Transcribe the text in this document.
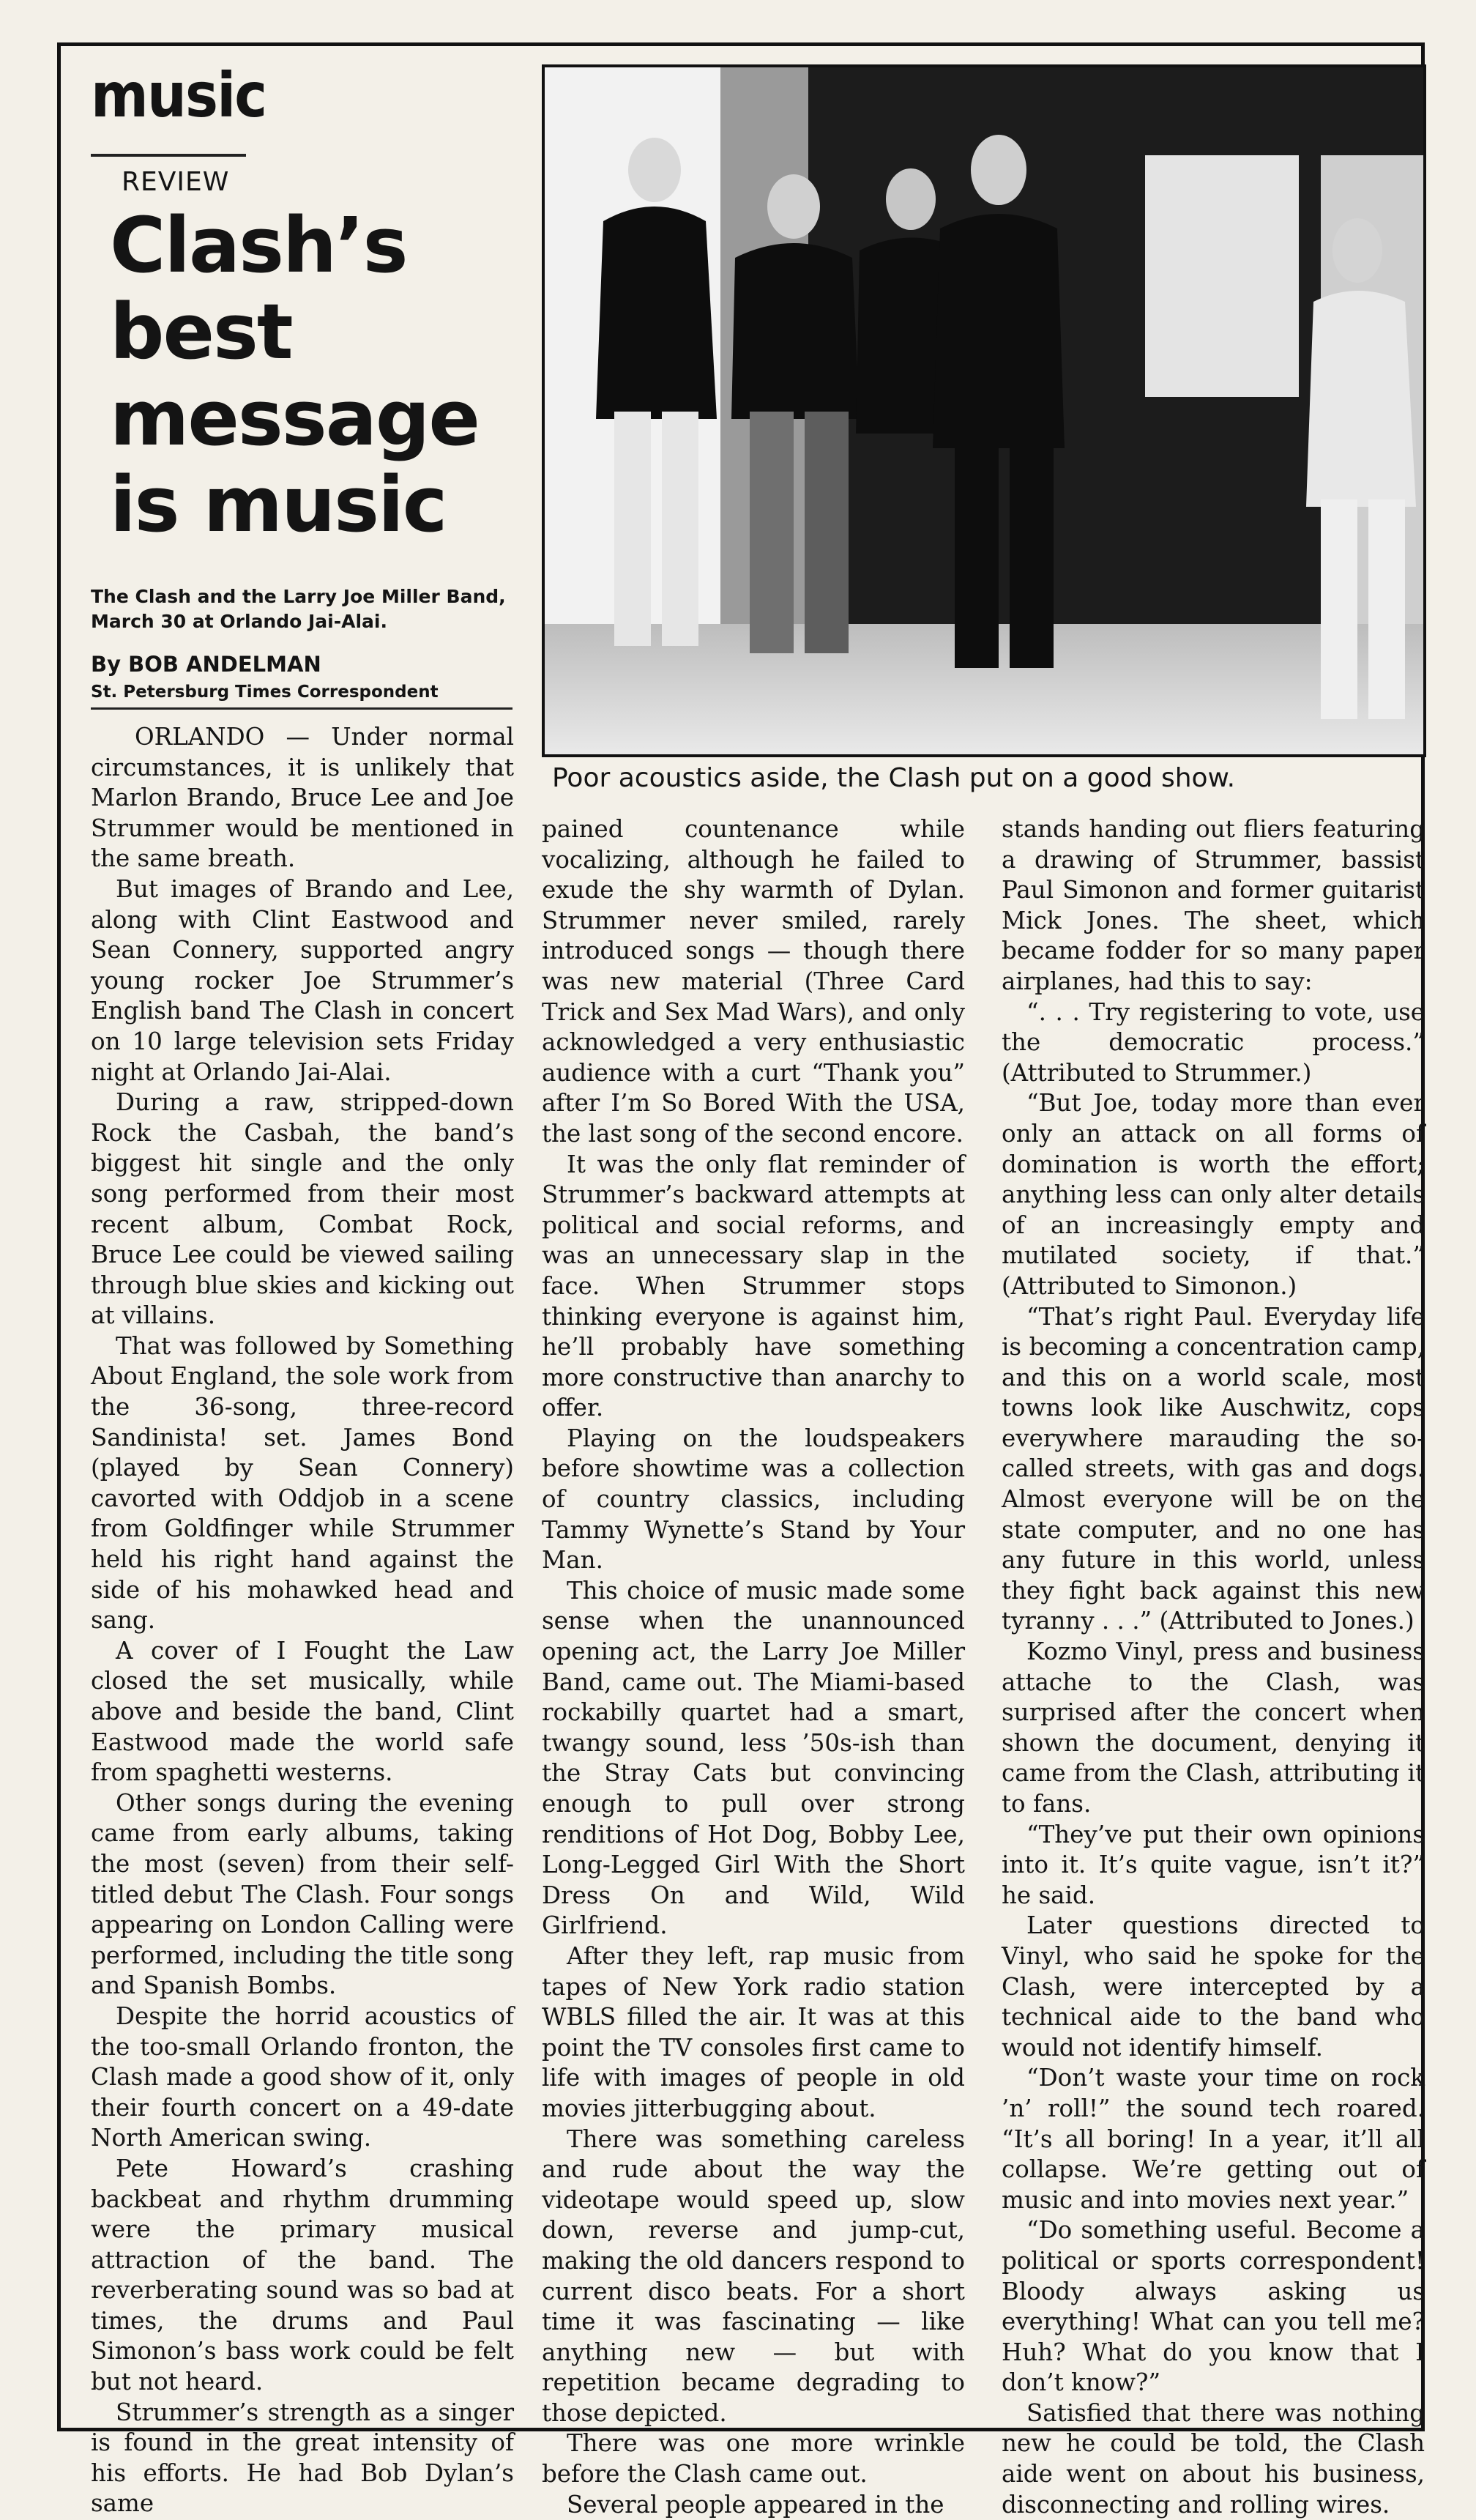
music
REVIEW
Clash’s best message is music
The Clash and the Larry Joe Miller Band, March 30 at Orlando Jai-Alai.
By BOB ANDELMAN
St. Petersburg Times Correspondent
Poor acoustics aside, the Clash put on a good show.

ORLANDO — Under normal circumstances, it is unlikely that Marlon Brando, Bruce Lee and Joe Strummer would be mentioned in the same breath.

But images of Brando and Lee, along with Clint Eastwood and Sean Connery, supported angry young rocker Joe Strummer’s English band The Clash in concert on 10 large television sets Friday night at Orlando Jai-Alai.

During a raw, stripped-down Rock the Casbah, the band’s biggest hit single and the only song performed from their most recent album, Combat Rock, Bruce Lee could be viewed sailing through blue skies and kicking out at villains.

That was followed by Something About England, the sole work from the 36-song, three-record Sandinista! set. James Bond (played by Sean Connery) cavorted with Oddjob in a scene from Goldfinger while Strummer held his right hand against the side of his mohawked head and sang.

A cover of I Fought the Law closed the set musically, while above and beside the band, Clint Eastwood made the world safe from spaghetti westerns.

Other songs during the evening came from early albums, taking the most (seven) from their self-titled debut The Clash. Four songs appearing on London Calling were performed, including the title song and Spanish Bombs.

Despite the horrid acoustics of the too-small Orlando fronton, the Clash made a good show of it, only their fourth concert on a 49-date North American swing.

Pete Howard’s crashing backbeat and rhythm drumming were the primary musical attraction of the band. The reverberating sound was so bad at times, the drums and Paul Simonon’s bass work could be felt but not heard.

Strummer’s strength as a singer is found in the great intensity of his efforts. He had Bob Dylan’s same

pained countenance while vocalizing, although he failed to exude the shy warmth of Dylan. Strummer never smiled, rarely introduced songs — though there was new material (Three Card Trick and Sex Mad Wars), and only acknowledged a very enthusiastic audience with a curt “Thank you” after I’m So Bored With the USA, the last song of the second encore.

It was the only flat reminder of Strummer’s backward attempts at political and social reforms, and was an unnecessary slap in the face. When Strummer stops thinking everyone is against him, he’ll probably have something more constructive than anarchy to offer.

Playing on the loudspeakers before showtime was a collection of country classics, including Tammy Wynette’s Stand by Your Man.

This choice of music made some sense when the unannounced opening act, the Larry Joe Miller Band, came out. The Miami-based rockabilly quartet had a smart, twangy sound, less ’50s-ish than the Stray Cats but convincing enough to pull over strong renditions of Hot Dog, Bobby Lee, Long-Legged Girl With the Short Dress On and Wild, Wild Girlfriend.

After they left, rap music from tapes of New York radio station WBLS filled the air. It was at this point the TV consoles first came to life with images of people in old movies jitterbugging about.

There was something careless and rude about the way the videotape would speed up, slow down, reverse and jump-cut, making the old dancers respond to current disco beats. For a short time it was fascinating — like anything new — but with repetition became degrading to those depicted.

There was one more wrinkle before the Clash came out.

Several people appeared in the

stands handing out fliers featuring a drawing of Strummer, bassist Paul Simonon and former guitarist Mick Jones. The sheet, which became fodder for so many paper airplanes, had this to say:

“. . . Try registering to vote, use the democratic process.” (Attributed to Strummer.)

“But Joe, today more than ever only an attack on all forms of domination is worth the effort; anything less can only alter details of an increasingly empty and mutilated society, if that.” (Attributed to Simonon.)

“That’s right Paul. Everyday life is becoming a concentration camp, and this on a world scale, most towns look like Auschwitz, cops everywhere marauding the so-called streets, with gas and dogs. Almost everyone will be on the state computer, and no one has any future in this world, unless they fight back against this new tyranny . . .” (Attributed to Jones.)

Kozmo Vinyl, press and business attache to the Clash, was surprised after the concert when shown the document, denying it came from the Clash, attributing it to fans.

“They’ve put their own opinions into it. It’s quite vague, isn’t it?” he said.

Later questions directed to Vinyl, who said he spoke for the Clash, were intercepted by a technical aide to the band who would not identify himself.

“Don’t waste your time on rock ’n’ roll!” the sound tech roared. “It’s all boring! In a year, it’ll all collapse. We’re getting out of music and into movies next year.”

“Do something useful. Become a political or sports correspondent! Bloody always asking us everything! What can you tell me? Huh? What do you know that I don’t know?”

Satisfied that there was nothing new he could be told, the Clash aide went on about his business, disconnecting and rolling wires.
